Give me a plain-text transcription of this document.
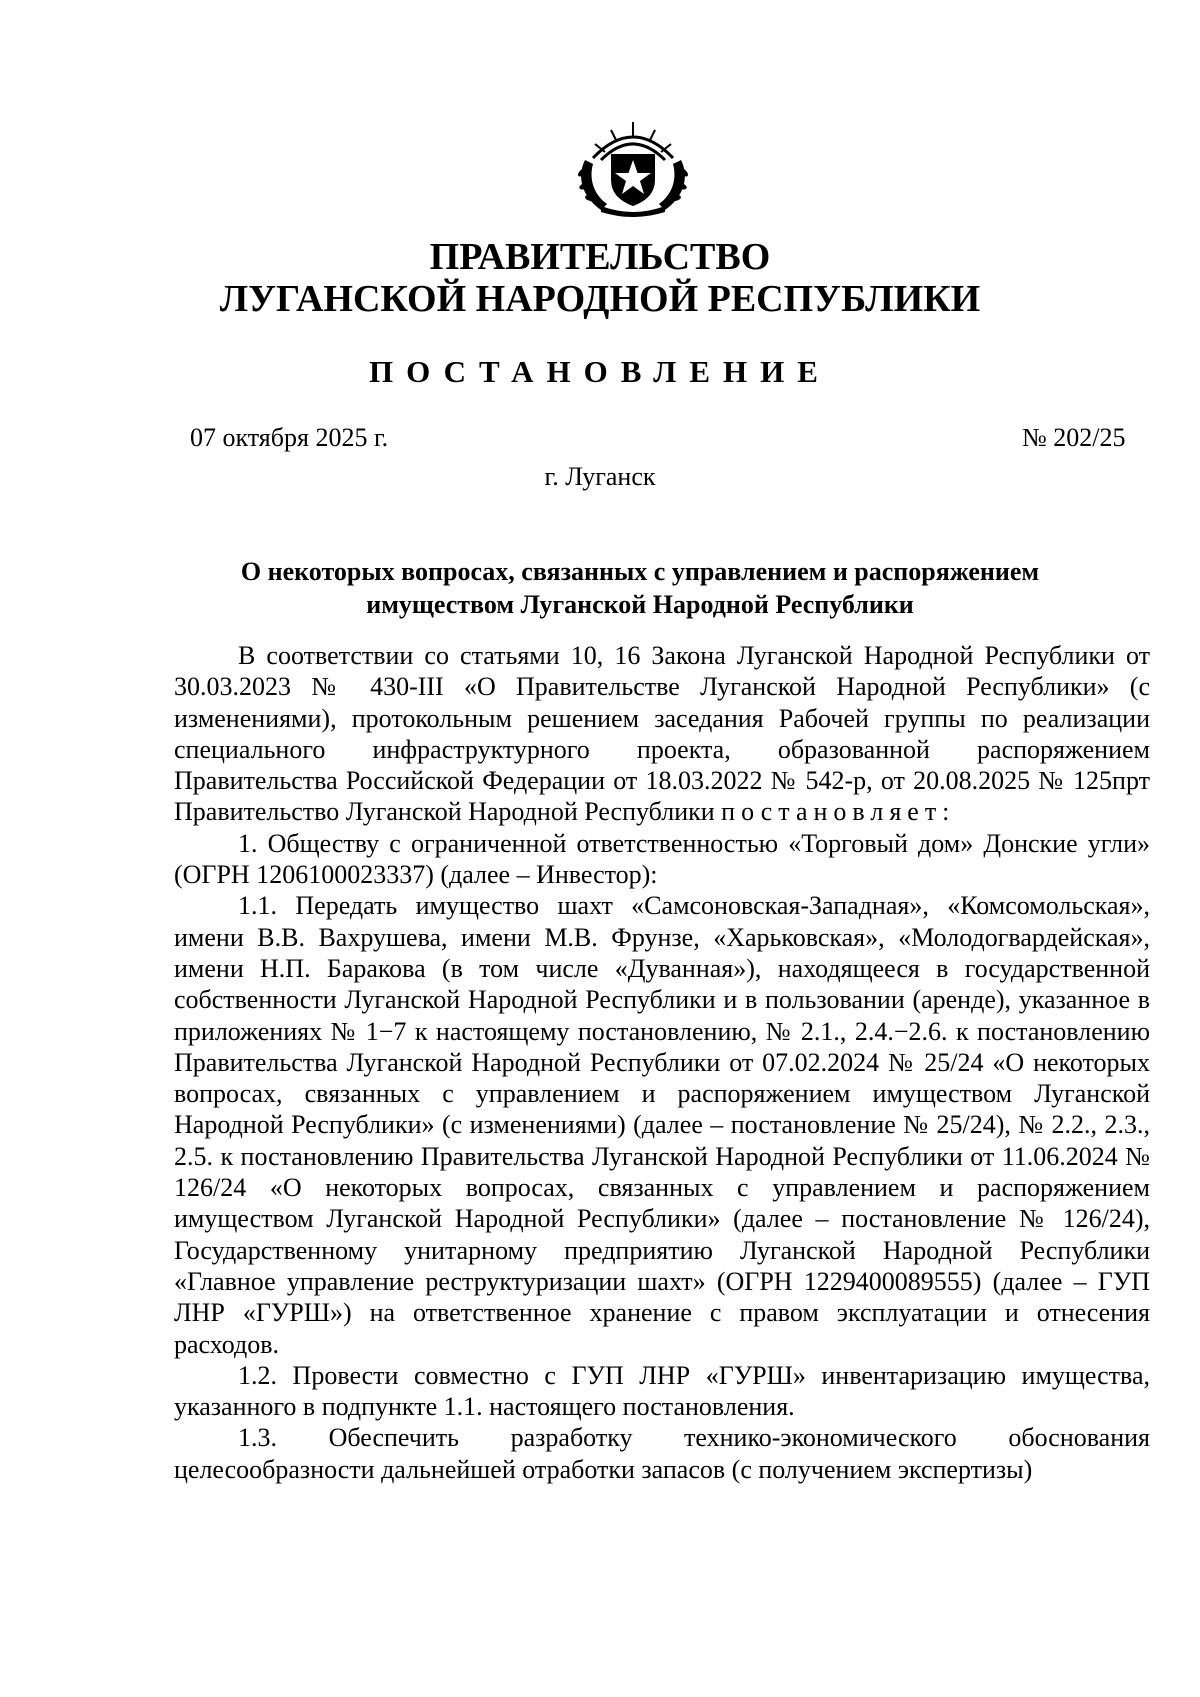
ПРАВИТЕЛЬСТВО
ЛУГАНСКОЙ НАРОДНОЙ РЕСПУБЛИКИ
ПОСТАНОВЛЕНИЕ
07 октября 2025 г.	№ 202/25
г. Луганск
О некоторых вопросах, связанных с управлением и распоряжением
имуществом Луганской Народной Республики

В соответствии со статьями 10, 16 Закона Луганской Народной Республики от 30.03.2023 № 430-III «О Правительстве Луганской Народной Республики» (с изменениями), протокольным решением заседания Рабочей группы по реализации специального инфраструктурного проекта, образованной распоряжением Правительства Российской Федерации от 18.03.2022 № 542-р, от 20.08.2025 № 125прт Правительство Луганской Народной Республики постановляет:

1. Обществу с ограниченной ответственностью «Торговый дом» Донские угли» (ОГРН 1206100023337) (далее – Инвестор):

1.1. Передать имущество шахт «Самсоновская-Западная», «Комсомольская», имени В.В. Вахрушева, имени М.В. Фрунзе, «Харьковская», «Молодогвардейская», имени Н.П. Баракова (в том числе «Дуванная»), находящееся в государственной собственности Луганской Народной Республики и в пользовании (аренде), указанное в приложениях № 1−7 к настоящему постановлению, № 2.1., 2.4.−2.6. к постановлению Правительства Луганской Народной Республики от 07.02.2024 № 25/24 «О некоторых вопросах, связанных с управлением и распоряжением имуществом Луганской Народной Республики» (с изменениями) (далее – постановление № 25/24), № 2.2., 2.3., 2.5. к постановлению Правительства Луганской Народной Республики от 11.06.2024 № 126/24 «О некоторых вопросах, связанных с управлением и распоряжением имуществом Луганской Народной Республики» (далее – постановление № 126/24), Государственному унитарному предприятию Луганской Народной Республики «Главное управление реструктуризации шахт» (ОГРН 1229400089555) (далее – ГУП ЛНР «ГУРШ») на ответственное хранение с правом эксплуатации и отнесения расходов.

1.2. Провести совместно с ГУП ЛНР «ГУРШ» инвентаризацию имущества, указанного в подпункте 1.1. настоящего постановления.

1.3. Обеспечить разработку технико-экономического обоснования целесообразности дальнейшей отработки запасов (с получением экспертизы)
